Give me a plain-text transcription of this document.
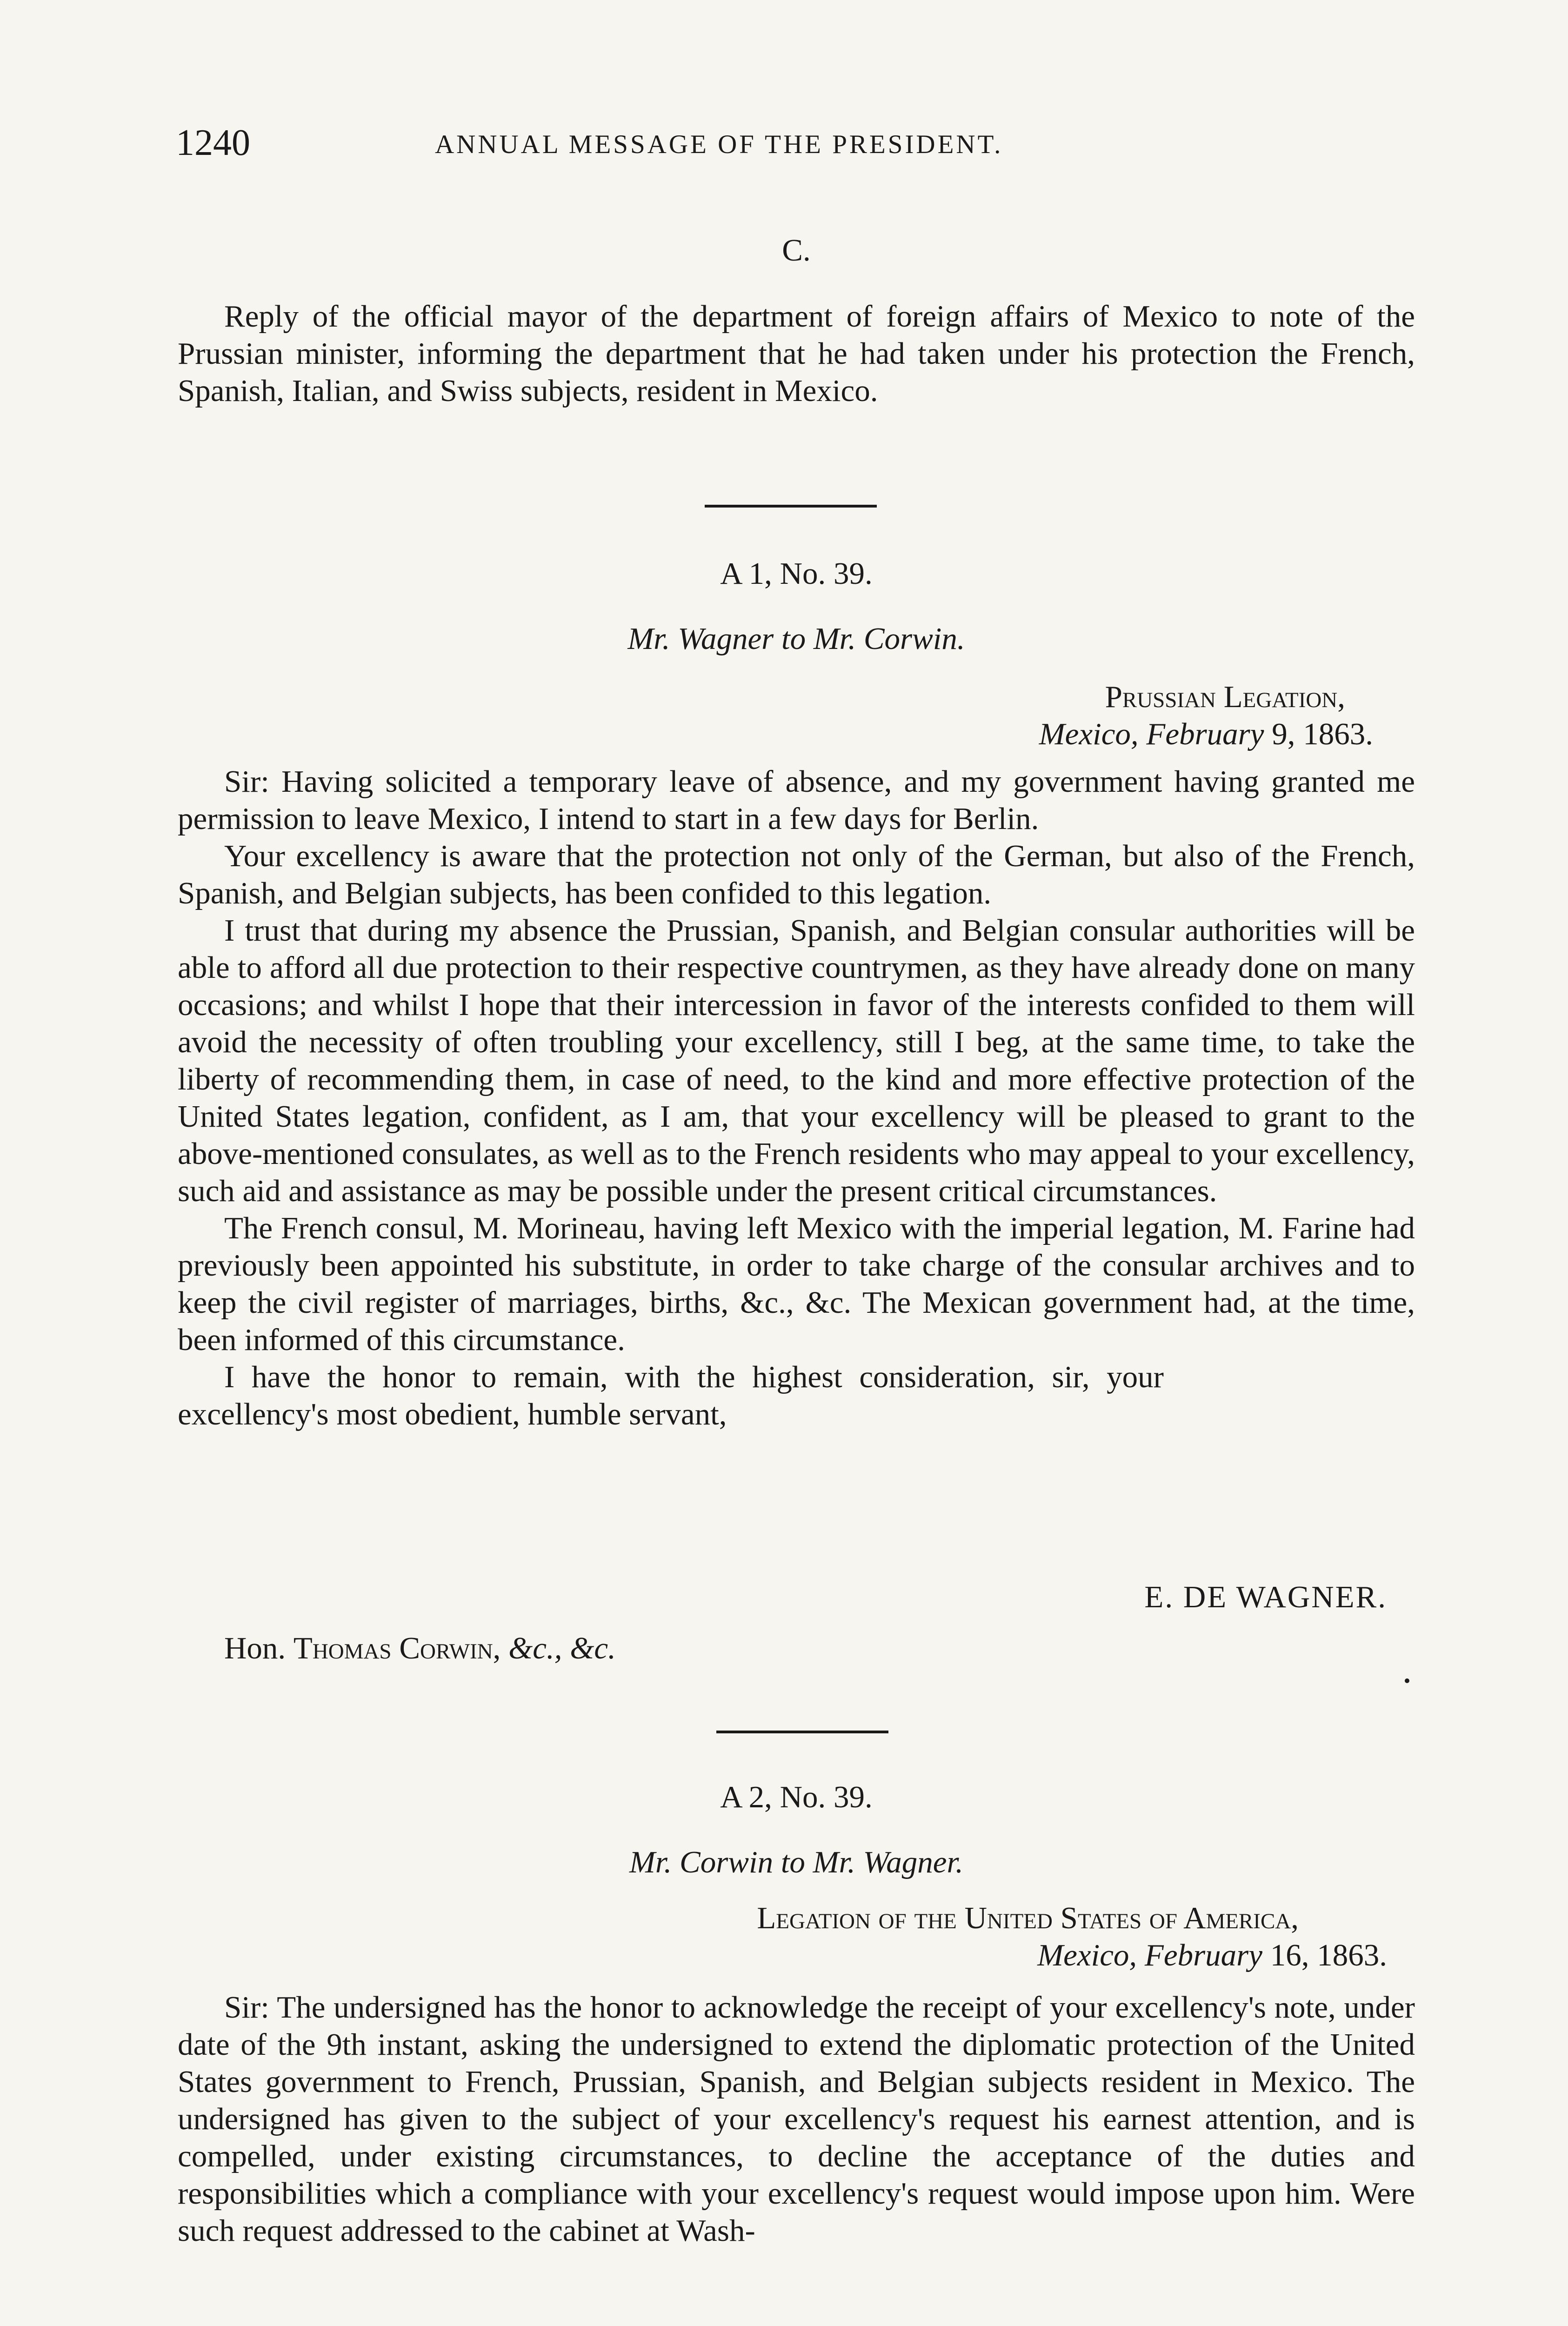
1240	ANNUAL MESSAGE OF THE PRESIDENT.
C.

Reply of the official mayor of the department of foreign affairs of Mexico to note of the Prussian minister, informing the department that he had taken under his protection the French, Spanish, Italian, and Swiss subjects, resident in Mexico.

A 1, No. 39.
Mr. Wagner to Mr. Corwin.
Prussian Legation,
Mexico, February 9, 1863.

Sir: Having solicited a temporary leave of absence, and my government having granted me permission to leave Mexico, I intend to start in a few days for Berlin.

Your excellency is aware that the protection not only of the German, but also of the French, Spanish, and Belgian subjects, has been confided to this legation.

I trust that during my absence the Prussian, Spanish, and Belgian consular authorities will be able to afford all due protection to their respective countrymen, as they have already done on many occasions; and whilst I hope that their intercession in favor of the interests confided to them will avoid the necessity of often troubling your excellency, still I beg, at the same time, to take the liberty of recommending them, in case of need, to the kind and more effective protection of the United States legation, confident, as I am, that your excellency will be pleased to grant to the above-mentioned consulates, as well as to the French residents who may appeal to your excellency, such aid and assistance as may be possible under the present critical circumstances.

The French consul, M. Morineau, having left Mexico with the imperial legation, M. Farine had previously been appointed his substitute, in order to take charge of the consular archives and to keep the civil register of marriages, births, &c., &c. The Mexican government had, at the time, been informed of this circumstance.

I have the honor to remain, with the highest consideration, sir, your excellency's most obedient, humble servant,

E. DE WAGNER.
Hon. Thomas Corwin, &c., &c.
A 2, No. 39.
Mr. Corwin to Mr. Wagner.
Legation of the United States of America,
Mexico, February 16, 1863.

Sir: The undersigned has the honor to acknowledge the receipt of your excellency's note, under date of the 9th instant, asking the undersigned to extend the diplomatic protection of the United States government to French, Prussian, Spanish, and Belgian subjects resident in Mexico. The undersigned has given to the subject of your excellency's request his earnest attention, and is compelled, under existing circumstances, to decline the acceptance of the duties and responsibilities which a compliance with your excellency's request would impose upon him. Were such request addressed to the cabinet at Wash-
